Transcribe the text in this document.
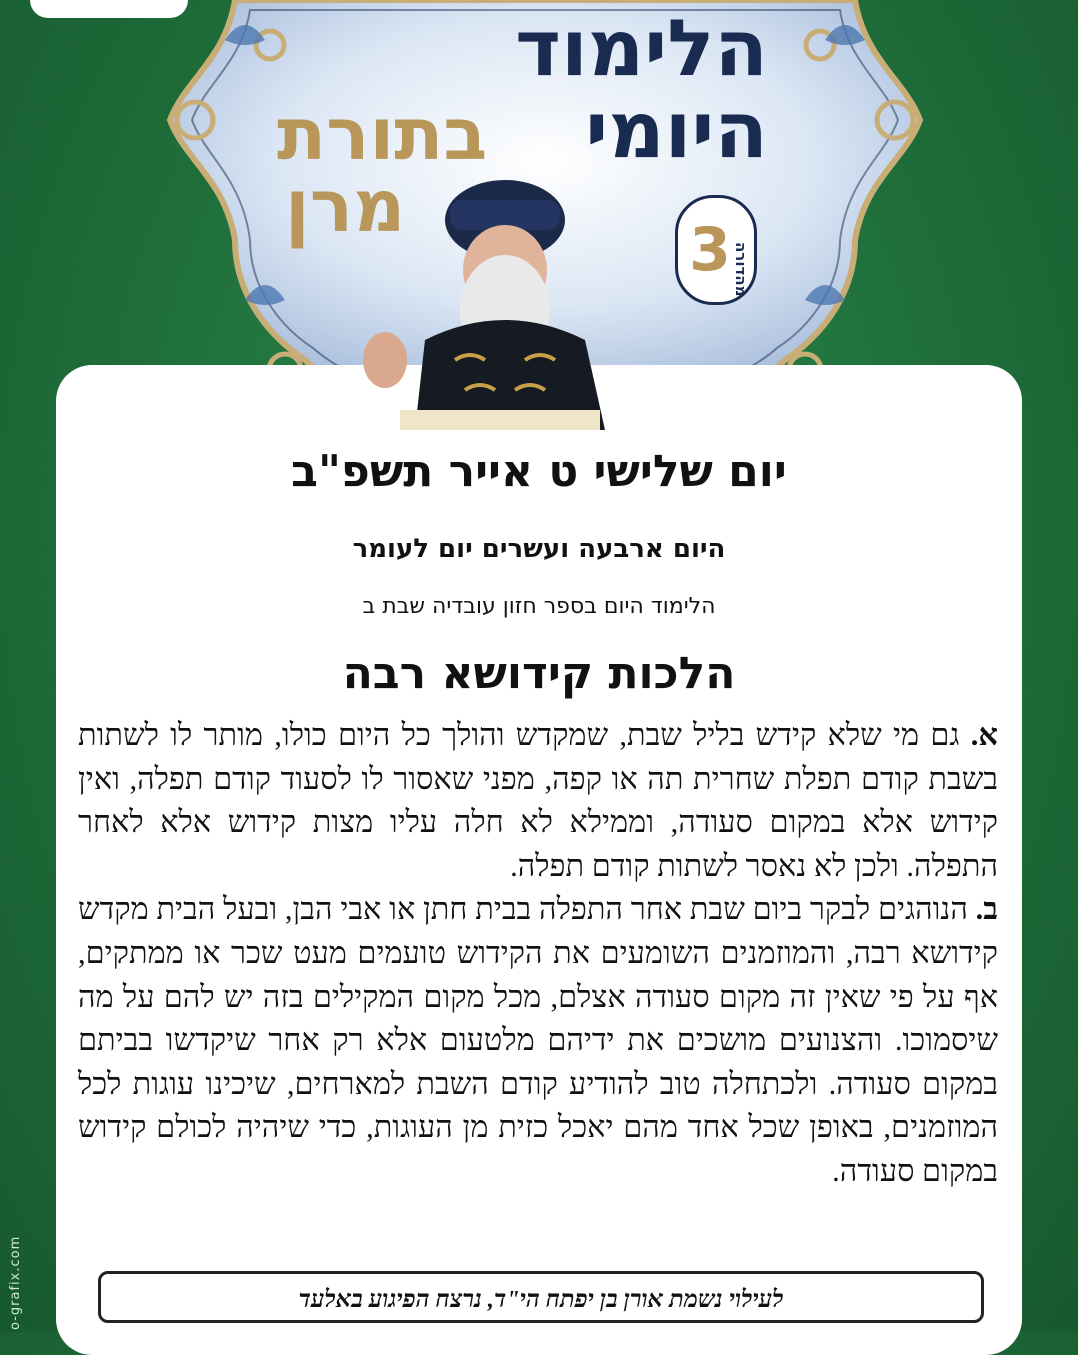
הלימוד
היומי
בתורת
מרן
3 מהדורה
יום שלישי ט אייר תשפ"ב
היום ארבעה ועשרים יום לעומר
הלימוד היום בספר חזון עובדיה שבת ב
הלכות קידושא רבה

א. גם מי שלא קידש בליל שבת, שמקדש והולך כל היום כולו, מותר לו לשתות בשבת קודם תפלת שחרית תה או קפה, מפני שאסור לו לסעוד קודם תפלה, ואין קידוש אלא במקום סעודה, וממילא לא חלה עליו מצות קידוש אלא לאחר התפלה. ולכן לא נאסר לשתות קודם תפלה.

ב. הנוהגים לבקר ביום שבת אחר התפלה בבית חתן או אבי הבן, ובעל הבית מקדש קידושא רבה, והמוזמנים השומעים את הקידוש טועמים מעט שכר או ממתקים, אף על פי שאין זה מקום סעודה אצלם, מכל מקום המקילים בזה יש להם על מה שיסמוכו. והצנועים מושכים את ידיהם מלטעום אלא רק אחר שיקדשו בביתם במקום סעודה. ולכתחלה טוב להודיע קודם השבת למארחים, שיכינו עוגות לכל המוזמנים, באופן שכל אחד מהם יאכל כזית מן העוגות, כדי שיהיה לכולם קידוש במקום סעודה.

לעילוי נשמת אורן בן יפתח הי"ד, נרצח הפיגוע באלעד
o-grafix.com
